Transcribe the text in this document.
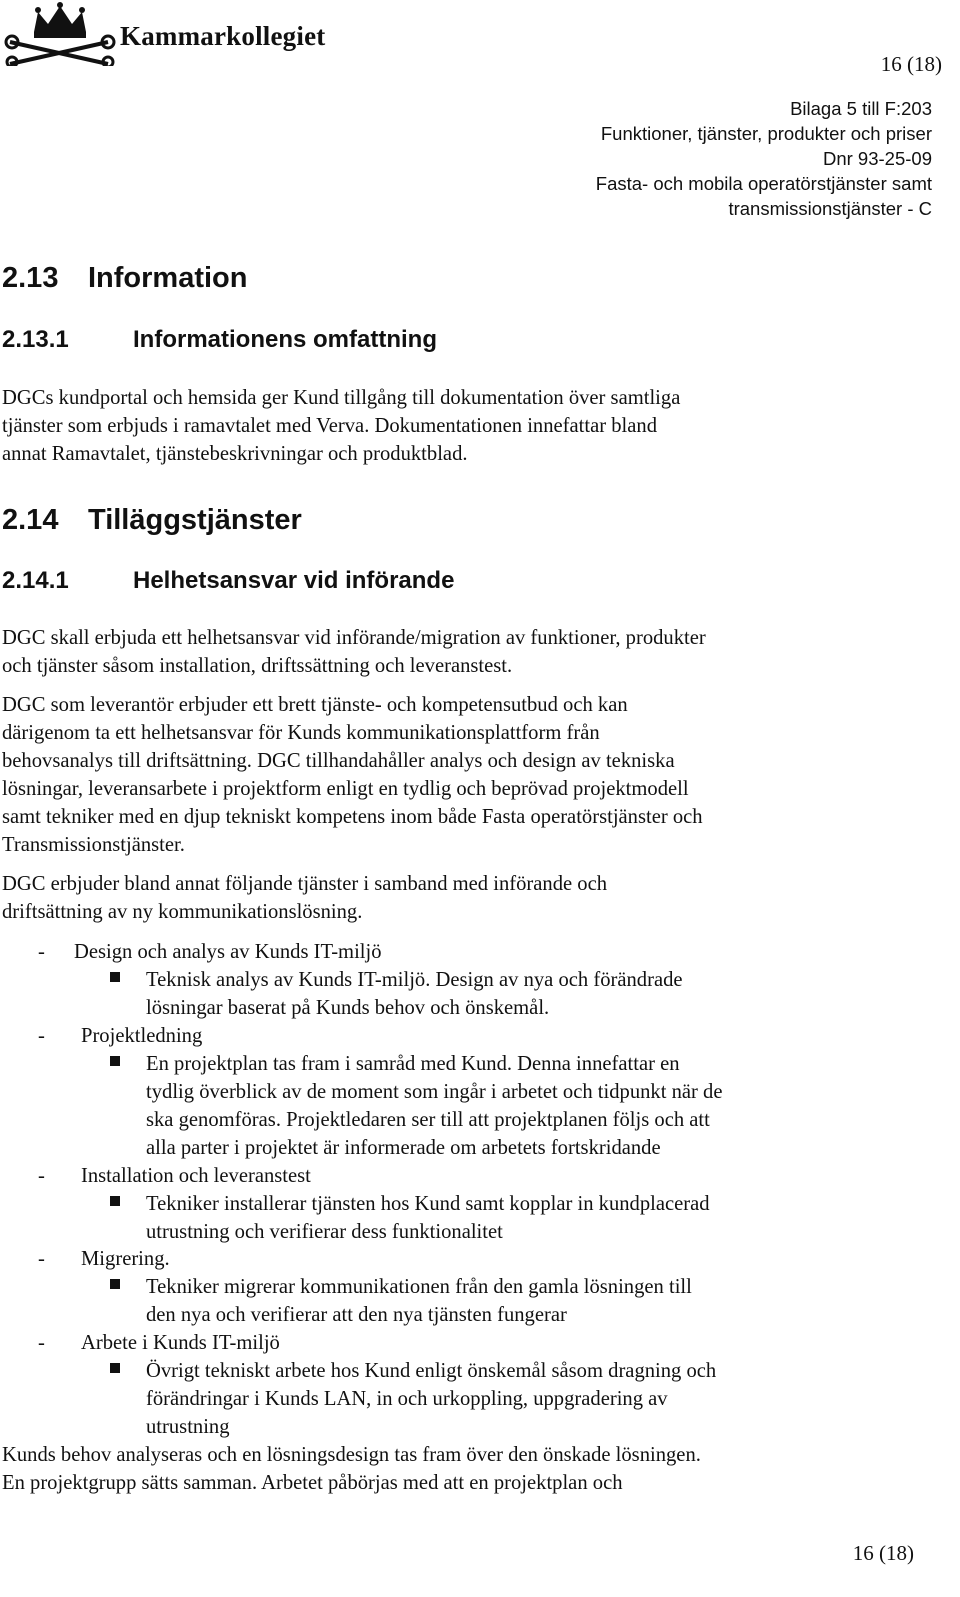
Kammarkollegiet
16 (18)
Bilaga 5 till F:203
Funktioner, tjänster, produkter och priser
Dnr 93-25-09
Fasta- och mobila operatörstjänster samt
transmissionstjänster - C
2.13 Information
2.13.1	Informationens omfattning
DGCs kundportal och hemsida ger Kund tillgång till dokumentation över samtliga
tjänster som erbjuds i ramavtalet med Verva. Dokumentationen innefattar bland
annat Ramavtalet, tjänstebeskrivningar och produktblad.
2.14 Tilläggstjänster
2.14.1	Helhetsansvar vid införande
DGC skall erbjuda ett helhetsansvar vid införande/migration av funktioner, produkter
och tjänster såsom installation, driftssättning och leveranstest.
DGC som leverantör erbjuder ett brett tjänste- och kompetensutbud och kan
därigenom ta ett helhetsansvar för Kunds kommunikationsplattform från
behovsanalys till driftsättning. DGC tillhandahåller analys och design av tekniska
lösningar, leveransarbete i projektform enligt en tydlig och beprövad projektmodell
samt tekniker med en djup tekniskt kompetens inom både Fasta operatörstjänster och
Transmissionstjänster.
DGC erbjuder bland annat följande tjänster i samband med införande och
driftsättning av ny kommunikationslösning.
- Design och analys av Kunds IT-miljö
Teknisk analys av Kunds IT-miljö. Design av nya och förändrade
lösningar baserat på Kunds behov och önskemål.
- Projektledning
En projektplan tas fram i samråd med Kund. Denna innefattar en
tydlig överblick av de moment som ingår i arbetet och tidpunkt när de
ska genomföras. Projektledaren ser till att projektplanen följs och att
alla parter i projektet är informerade om arbetets fortskridande
- Installation och leveranstest
Tekniker installerar tjänsten hos Kund samt kopplar in kundplacerad
utrustning och verifierar dess funktionalitet
- Migrering.
Tekniker migrerar kommunikationen från den gamla lösningen till
den nya och verifierar att den nya tjänsten fungerar
- Arbete i Kunds IT-miljö
Övrigt tekniskt arbete hos Kund enligt önskemål såsom dragning och
förändringar i Kunds LAN, in och urkoppling, uppgradering av
utrustning
Kunds behov analyseras och en lösningsdesign tas fram över den önskade lösningen.
En projektgrupp sätts samman. Arbetet påbörjas med att en projektplan och
16 (18)
